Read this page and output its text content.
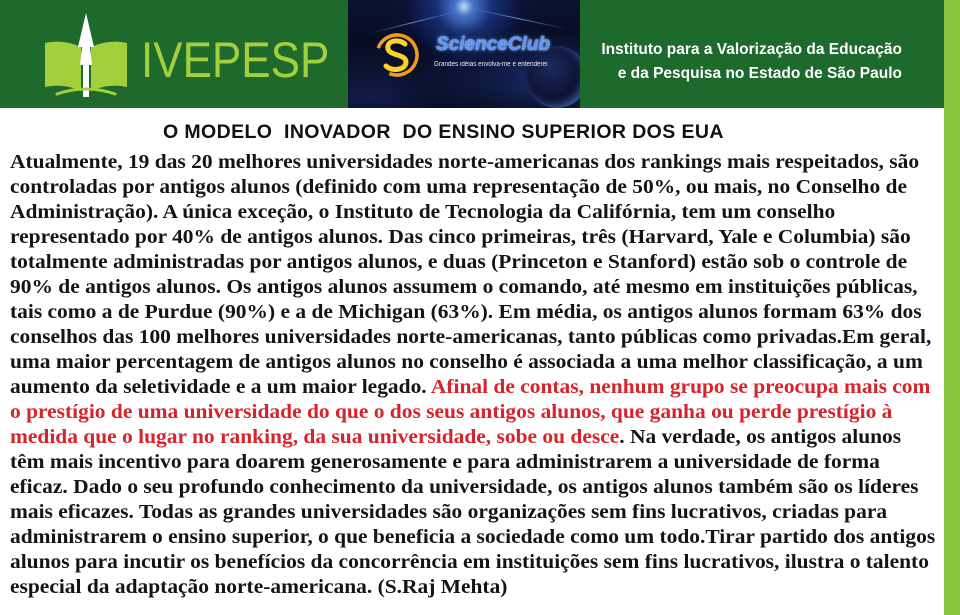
IVEPESP	ScienceClub
Grandes idéias envolva-me e entenderei
Instituto para a Valorização da Educação
e da Pesquisa no Estado de São Paulo
O MODELO  INOVADOR  DO ENSINO SUPERIOR DOS EUA
Atualmente, 19 das 20 melhores universidades norte-americanas dos rankings mais respeitados, são
controladas por antigos alunos (definido com uma representação de 50%, ou mais, no Conselho de
Administração). A única exceção, o Instituto de Tecnologia da Califórnia, tem um conselho
representado por 40% de antigos alunos. Das cinco primeiras, três (Harvard, Yale e Columbia) são
totalmente administradas por antigos alunos, e duas (Princeton e Stanford) estão sob o controle de
90% de antigos alunos. Os antigos alunos assumem o comando, até mesmo em instituições públicas,
tais como a de Purdue (90%) e a de Michigan (63%). Em média, os antigos alunos formam 63% dos
conselhos das 100 melhores universidades norte-americanas, tanto públicas como privadas.Em geral,
uma maior percentagem de antigos alunos no conselho é associada a uma melhor classificação, a um
aumento da seletividade e a um maior legado. Afinal de contas, nenhum grupo se preocupa mais com
o prestígio de uma universidade do que o dos seus antigos alunos, que ganha ou perde prestígio à
medida que o lugar no ranking, da sua universidade, sobe ou desce. Na verdade, os antigos alunos
têm mais incentivo para doarem generosamente e para administrarem a universidade de forma
eficaz. Dado o seu profundo conhecimento da universidade, os antigos alunos também são os líderes
mais eficazes. Todas as grandes universidades são organizações sem fins lucrativos, criadas para
administrarem o ensino superior, o que beneficia a sociedade como um todo.Tirar partido dos antigos
alunos para incutir os benefícios da concorrência em instituições sem fins lucrativos, ilustra o talento
especial da adaptação norte-americana. (S.Raj Mehta)
